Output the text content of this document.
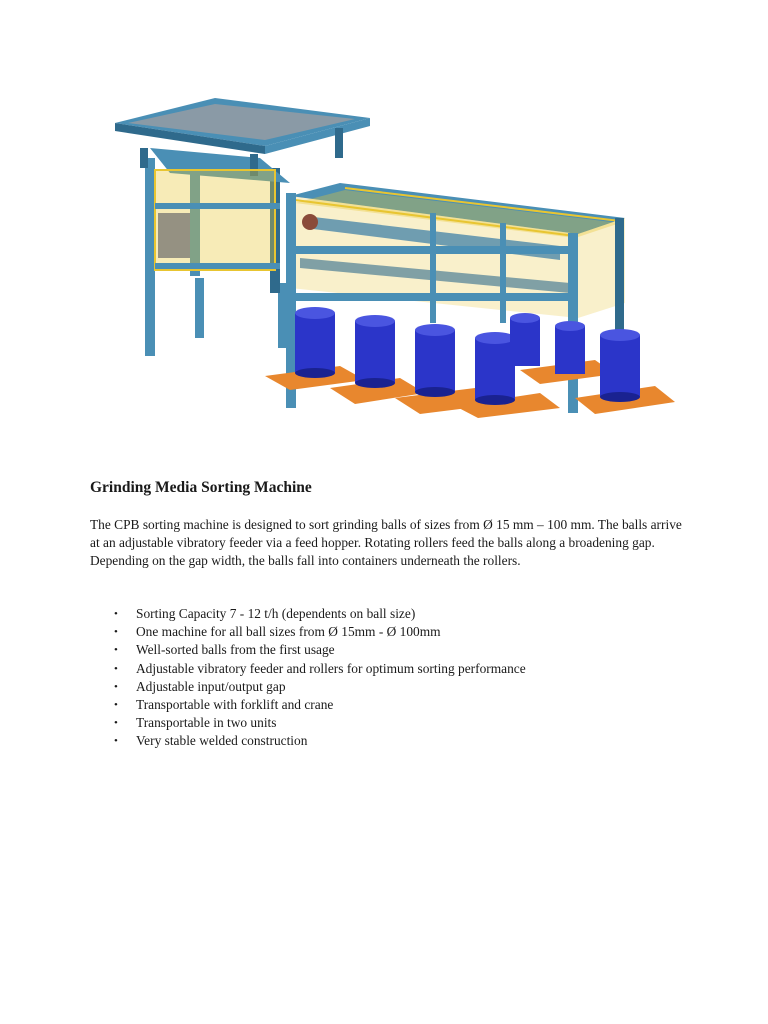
Grinding Media Sorting Machine

The CPB sorting machine is designed to sort grinding balls of sizes from Ø 15 mm – 100 mm. The balls arrive at an adjustable vibratory feeder via a feed hopper. Rotating rollers feed the balls along a broadening gap. Depending on the gap width, the balls fall into containers underneath the rollers.

• Sorting Capacity 7 - 12 t/h (dependents on ball size)
• One machine for all ball sizes from Ø 15mm - Ø 100mm
• Well-sorted balls from the first usage
• Adjustable vibratory feeder and rollers for optimum sorting performance
• Adjustable input/output gap
• Transportable with forklift and crane
• Transportable in two units
• Very stable welded construction
